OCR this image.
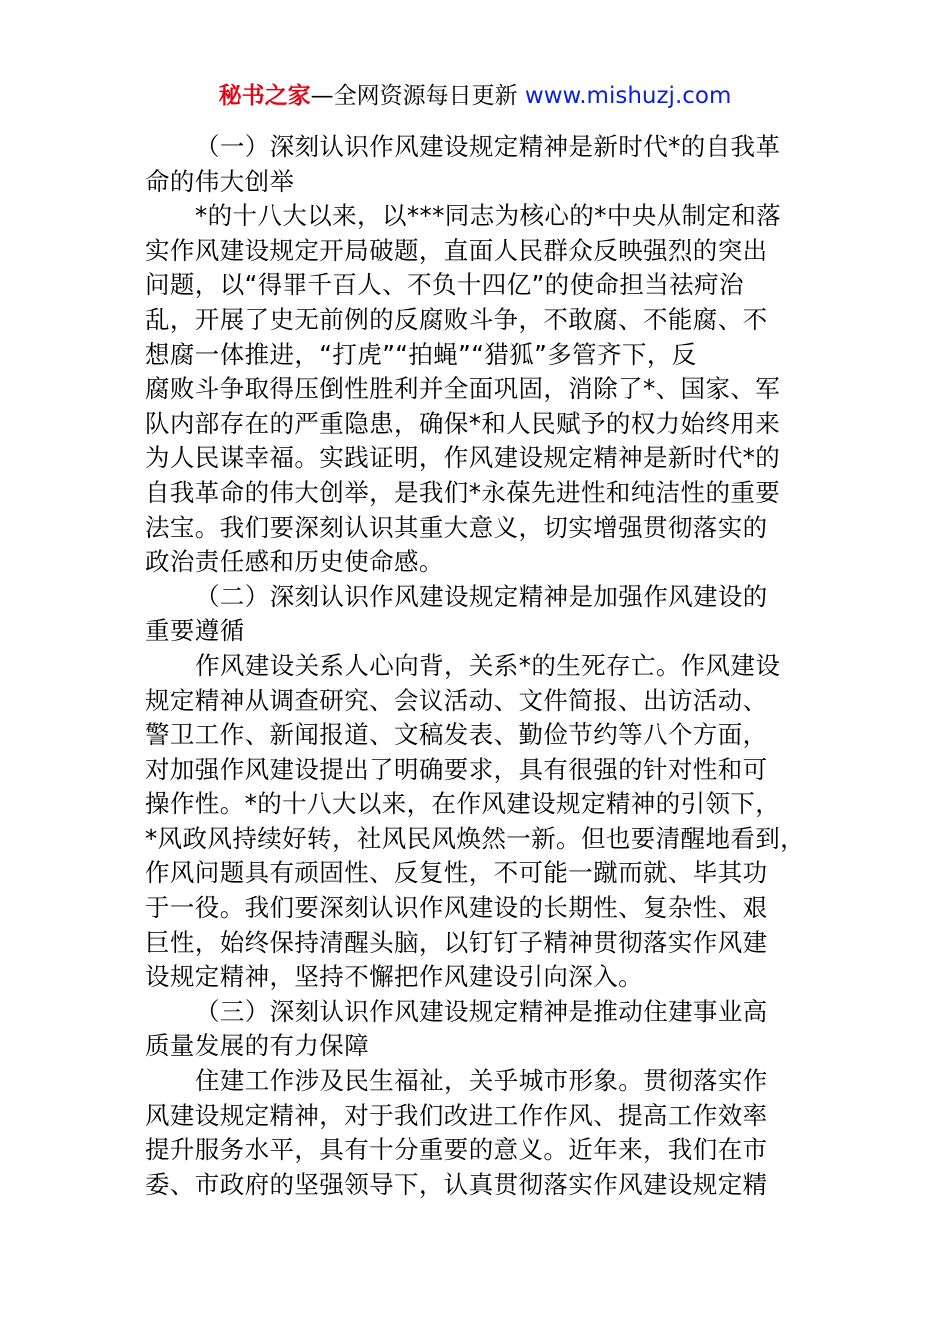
秘书之家—全网资源每日更新 www.mishuzj.com
（一）深刻认识作风建设规定精神是新时代*的自我革
命的伟大创举
*的十八大以来，以***同志为核心的*中央从制定和落
实作风建设规定开局破题，直面人民群众反映强烈的突出
问题，以“得罪千百人、不负十四亿”的使命担当祛疴治
乱，开展了史无前例的反腐败斗争，不敢腐、不能腐、不
想腐一体推进，“打虎”“拍蝇”“猎狐”多管齐下，反
腐败斗争取得压倒性胜利并全面巩固，消除了*、国家、军
队内部存在的严重隐患，确保*和人民赋予的权力始终用来
为人民谋幸福。实践证明，作风建设规定精神是新时代*的
自我革命的伟大创举，是我们*永葆先进性和纯洁性的重要
法宝。我们要深刻认识其重大意义，切实增强贯彻落实的
政治责任感和历史使命感。
（二）深刻认识作风建设规定精神是加强作风建设的
重要遵循
作风建设关系人心向背，关系*的生死存亡。作风建设
规定精神从调查研究、会议活动、文件简报、出访活动、
警卫工作、新闻报道、文稿发表、勤俭节约等八个方面，
对加强作风建设提出了明确要求，具有很强的针对性和可
操作性。*的十八大以来，在作风建设规定精神的引领下，
*风政风持续好转，社风民风焕然一新。但也要清醒地看到，
作风问题具有顽固性、反复性，不可能一蹴而就、毕其功
于一役。我们要深刻认识作风建设的长期性、复杂性、艰
巨性，始终保持清醒头脑，以钉钉子精神贯彻落实作风建
设规定精神，坚持不懈把作风建设引向深入。
（三）深刻认识作风建设规定精神是推动住建事业高
质量发展的有力保障
住建工作涉及民生福祉，关乎城市形象。贯彻落实作
风建设规定精神，对于我们改进工作作风、提高工作效率
提升服务水平，具有十分重要的意义。近年来，我们在市
委、市政府的坚强领导下，认真贯彻落实作风建设规定精
